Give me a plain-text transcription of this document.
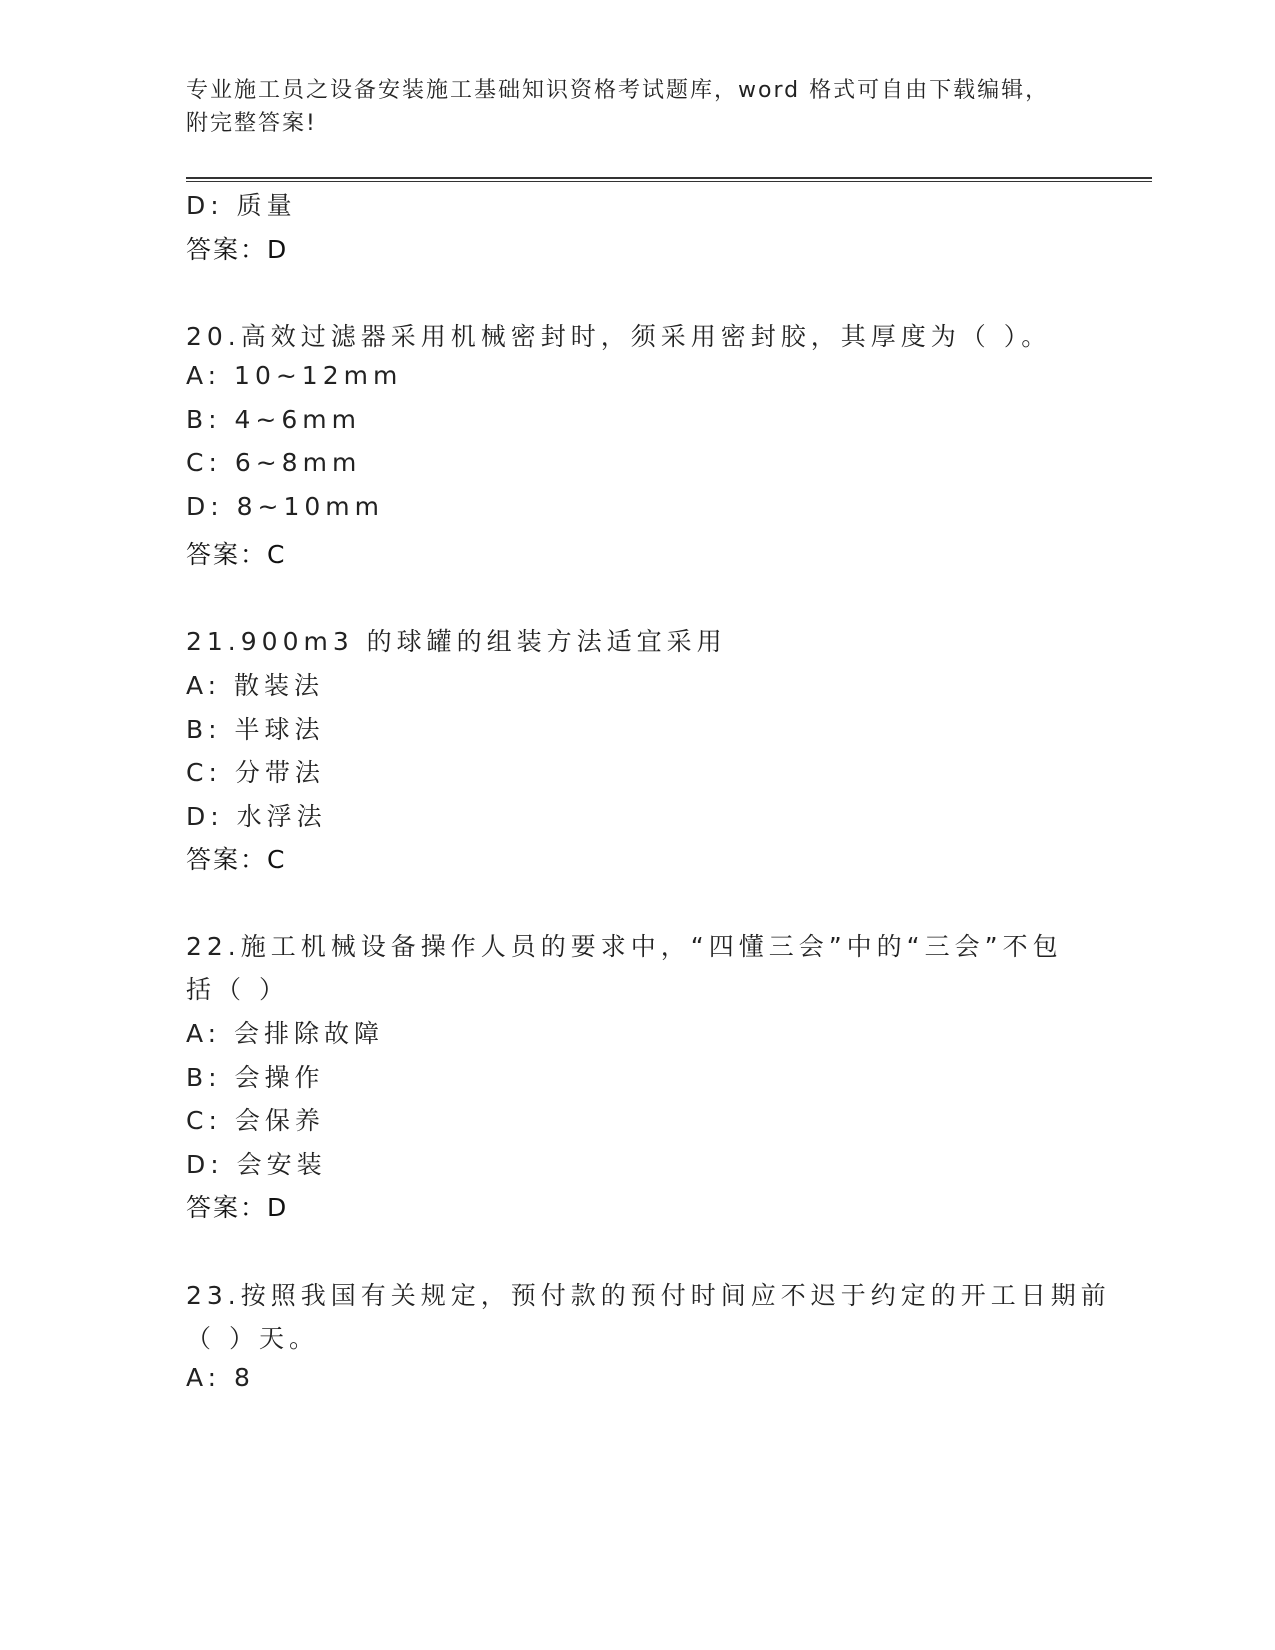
专业施工员之设备安装施工基础知识资格考试题库，word 格式可自由下载编辑，
附完整答案!
D: 质量
答案：D
20.高效过滤器采用机械密封时，须采用密封胶，其厚度为（ ）。
A: 10~12mm
B: 4~6mm
C: 6~8mm
D: 8~10mm
答案：C
21.900m3 的球罐的组装方法适宜采用
A: 散装法
B: 半球法
C: 分带法
D: 水浮法
答案：C
22.施工机械设备操作人员的要求中，“四懂三会”中的“三会”不包
括（ ）
A: 会排除故障
B: 会操作
C: 会保养
D: 会安装
答案：D
23.按照我国有关规定，预付款的预付时间应不迟于约定的开工日期前
（ ）天。
A: 8
